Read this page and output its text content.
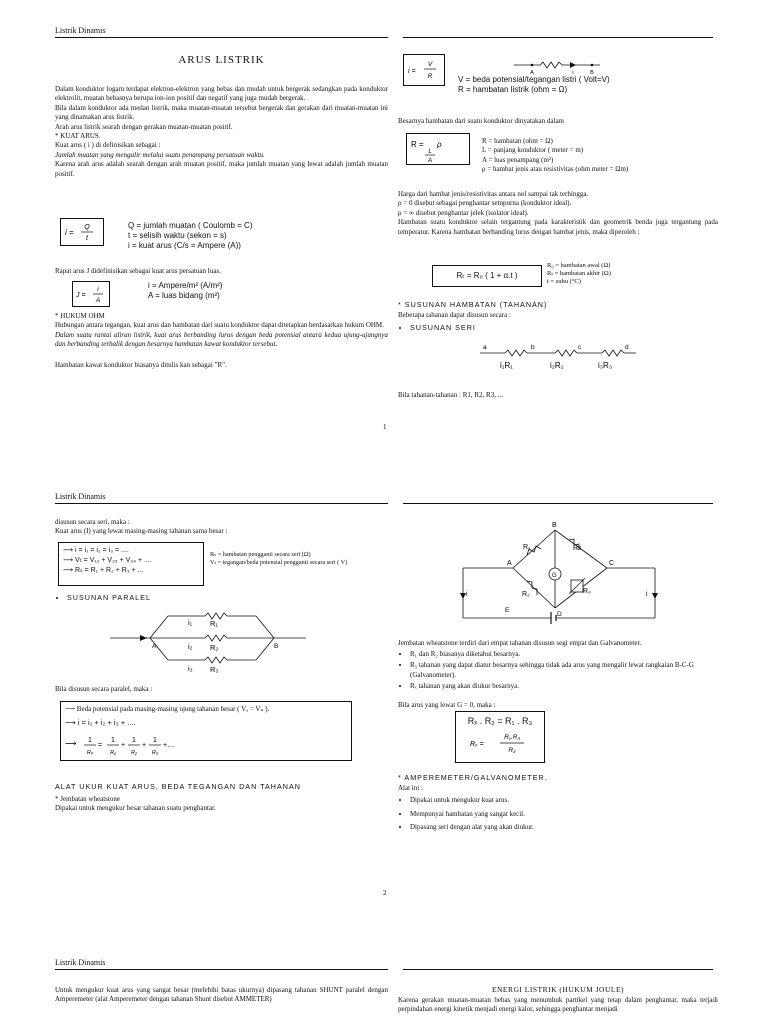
Listrik Dinamis
ARUS LISTRIK

Dalam konduktor logam terdapat elektron-elektron yang bebas dan mudah untuk bergerak sedangkan pada konduktor elektrolit, muatan bebasnya berupa ion-ion positif dan negatif yang juga mudah bergerak.

Bila dalam konduktor ada medan listrik, maka muatan-muatan tersebut bergerak dan gerakan dari muatan-muatan ini yang dinamakan arus listrik.

Arah arus listrik searah dengan gerakan muatan-muatan positif.

* KUAT ARUS.

Kuat arus ( i ) di definisikan sebagai :

Jumlah muatan yang mengalir melalui suatu penampang persatuan waktu.

Karena arah arus adalah searah dengan arah muatan positif, maka jumlah muatan yang lewat adalah jumlah muatan positif.

i =
Q
t

Q = jumlah muatan ( Coulomb = C)

t = selisih waktu (sekon = s)

i = kuat arus (C/s = Ampere (A))

Rapat arus J didefinisikan sebagai kuat arus persatuan luas.
J =
i
A

i = Ampere/m² (A/m²)

A = luas bidang (m²)

* HUKUM OHM

Hubungan antara tegangan, kuat arus dan hambatan dari suatu konduktor dapat ditetapkan berdasarkan hukum OHM.

Dalam suatu rantai aliran listrik, kuat arus berbanding lurus dengan beda potensial antara kedua ujung-ujungnya dan berbanding terbalik dengan besarnya hambatan kawat konduktor tersebut.

Hambatan kawat konduktor biasanya ditulis kan sebagai "R".

i =
V
R	A	i	B

V = beda potensial/tegangan listri ( Volt=V)

R = hambatan listrik (ohm = Ω)

Besarnya hambatan dari suatu konduktor dinyatakan dalam
R = ρ
L
A

R = hambatan (ohm = Ω)

L = panjang konduktor ( meter = m)

A = luas penampang (m²)

ρ = hambat jenis atau resistivitas (ohm meter = Ωm)

Harga dari hambat jenis/resistivitas antara nol sampai tak terhingga.

ρ = 0 disebut sebagai penghantar sempurna (konduktor ideal).

ρ = ∞ disebut penghantar jelek (isolator ideal).

Hambatan suatu konduktor selain tergantung pada karakteristik dan geometrik benda juga tergantung pada temperatur. Karena hambatan berbanding lurus dengan hambat jenis, maka diperoleh :

Rₜ = R₀ ( 1 + α.t )

R₀ = hambatan awal (Ω)

Rₜ = hambatan akhir (Ω)

t = suhu (°C)

* SUSUNAN HAMBATAN (TAHANAN)
Beberapa tahanan dapat disusun secara :
• SUSUNAN SERI
a	b	c	d
i₁R₁	i₂R₂	i₃R₃
Bila tahanan-tahanan : R1, R2, R3, ...
1
Listrik Dinamis

disusun secara seri, maka :

Kuat arus (I) yang lewat masing-masing tahanan sama besar :

⟶ i = i₁ = i₂ = i₃ = ....

⟶ Vₜ = V₁₂ + V₂₃ + V₃₄ + ....

⟶ Rₛ = R₁ + R₂ + R₃ + ...

Rₛ = hambatan pengganti secara seri (Ω)

Vₜ = tegangan/beda potensial pengganti secara seri ( V)

• SUSUNAN PARALEL
A	B
i₁ R₁
i₂ R₂
i₃ R₃
Bila disusun secara paralel, maka :
⟶ Beda potensial pada masing-masing ujung tahanan besar ( Vₐ = Vₙ ).
⟶ i = i₁ + i₂ + i₃ + ....
⟶ 1
Rₚ
=
1
R₁
+
1
R₂
+
1
R₃
+....
ALAT UKUR KUAT ARUS, BEDA TEGANGAN DAN TAHANAN

* Jembatan wheatstone

Dipakai untuk mengukur besar tahanan suatu penghantar.

B
A	C
G
D
E
R₁	Rx
R₂	R₃
i	i
Jembatan wheatstone terdiri dari empat tahanan disusun segi empat dan Galvanometer.
• R₁ dan R₂ biasanya diketahui besarnya.
• R₃ tahanan yang dapat diatur besarnya sehingga tidak ada arus yang mengalir lewat rangkaian B-C-G (Galvanometer).
• Rₓ tahanan yang akan diukur besarnya.
Bila arus yang lewat G = 0, maka :
Rₓ . R₂ = R₁ . R₃
Rₓ =
R₁.R₃
R₂
* AMPEREMETER/GALVANOMETER.

Alat ini :

• Dipakai untuk mengukur kuat arus.
• Mempunyai hambatan yang sangat kecil.
• Dipasang seri dengan alat yang akan diukur.
2
Listrik Dinamis
Untuk mengukur kuat arus yang sangat besar (melebihi batas ukurnya) dipasang tahanan SHUNT paralel dengan Amperemeter (alat Amperemeter dengan tahanan Shunt disebut AMMETER)
ENERGI LISTRIK (HUKUM JOULE)
Karena gerakan muatan-muatan bebas yang menumbuk partikel yang tetap dalam penghantar, maka terjadi perpindahan energi kinetik menjadi energi kalor, sehingga penghantar menjadi
